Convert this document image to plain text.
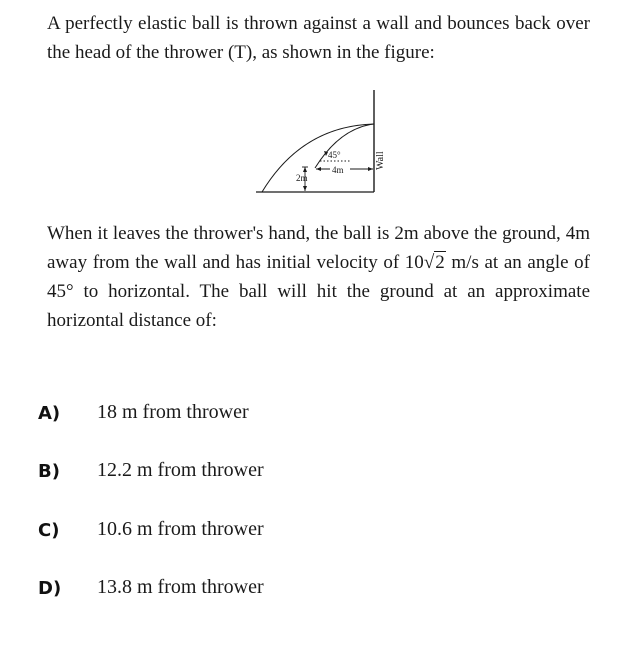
A perfectly elastic ball is thrown against a wall and bounces back over the head of the thrower (T), as shown in the figure:

Wall
45°
4m
2m

When it leaves the thrower's hand, the ball is 2m above the ground, 4m away from the wall and has initial velocity of 10√2 m/s at an angle of 45° to horizontal. The ball will hit the ground at an approximate horizontal distance of:

A) 18 m from thrower
B) 12.2 m from thrower
C) 10.6 m from thrower
D) 13.8 m from thrower
